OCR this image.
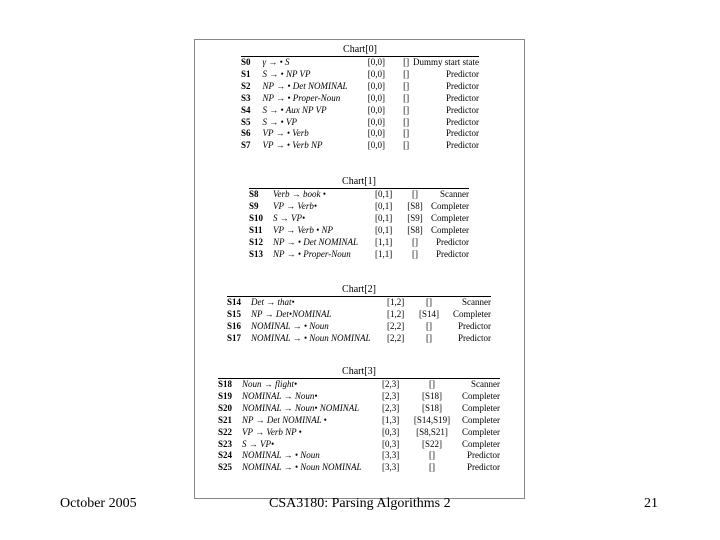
Chart[0]
S0	γ → • S	[0,0]	[]	Dummy start state
S1	S → • NP VP	[0,0]	[]	Predictor
S2	NP → • Det NOMINAL	[0,0]	[]	Predictor
S3	NP → • Proper-Noun	[0,0]	[]	Predictor
S4	S → • Aux NP VP	[0,0]	[]	Predictor
S5	S → • VP	[0,0]	[]	Predictor
S6	VP → • Verb	[0,0]	[]	Predictor
S7	VP → • Verb NP	[0,0]	[]	Predictor
Chart[1]
S8	Verb → book •	[0,1]	[]	Scanner
S9	VP → Verb•	[0,1]	[S8]	Completer
S10	S → VP•	[0,1]	[S9]	Completer
S11	VP → Verb • NP	[0,1]	[S8]	Completer
S12	NP → • Det NOMINAL	[1,1]	[]	Predictor
S13	NP → • Proper-Noun	[1,1]	[]	Predictor
Chart[2]
S14	Det → that•	[1,2]	[]	Scanner
S15	NP → Det•NOMINAL	[1,2]	[S14]	Completer
S16	NOMINAL → • Noun	[2,2]	[]	Predictor
S17	NOMINAL → • Noun NOMINAL	[2,2]	[]	Predictor
Chart[3]
S18	Noun → flight•	[2,3]	[]	Scanner
S19	NOMINAL → Noun•	[2,3]	[S18]	Completer
S20	NOMINAL → Noun• NOMINAL	[2,3]	[S18]	Completer
S21	NP → Det NOMINAL •	[1,3]	[S14,S19]	Completer
S22	VP → Verb NP •	[0,3]	[S8,S21]	Completer
S23	S → VP•	[0,3]	[S22]	Completer
S24	NOMINAL → • Noun	[3,3]	[]	Predictor
S25	NOMINAL → • Noun NOMINAL	[3,3]	[]	Predictor
October 2005	CSA3180: Parsing Algorithms 2	21
